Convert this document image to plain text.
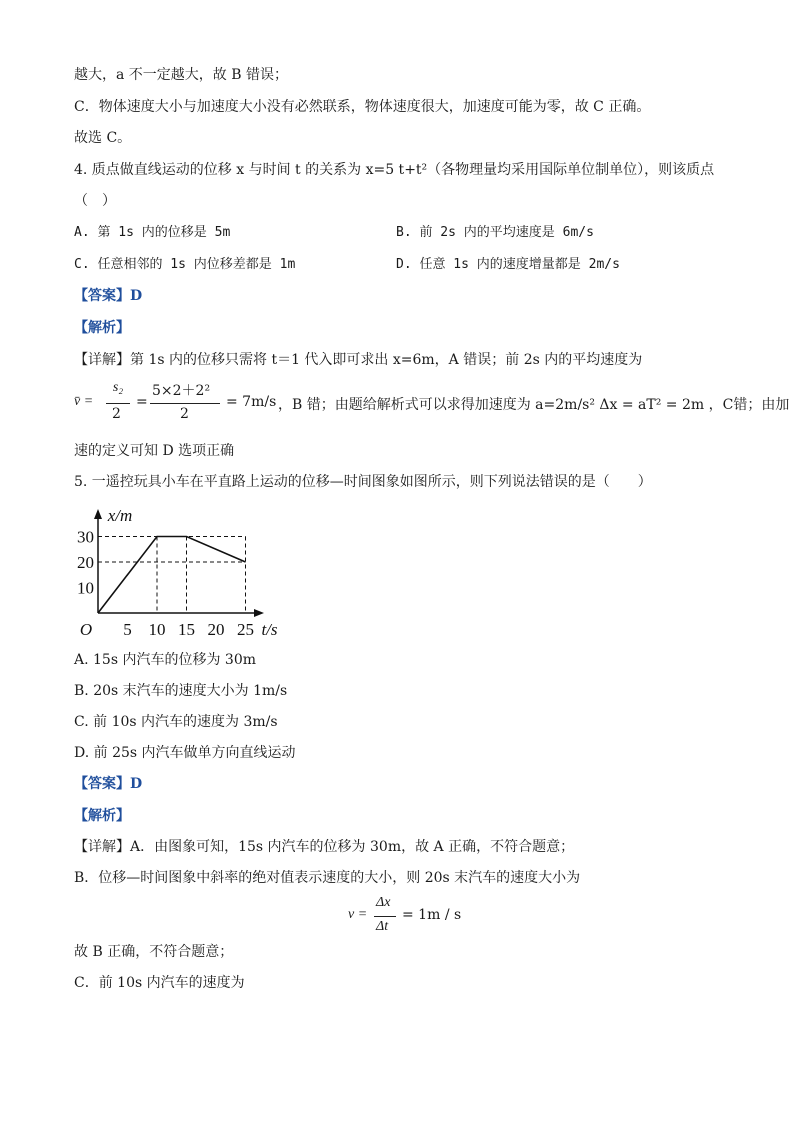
越大，a 不一定越大，故 B 错误；
C．物体速度大小与加速度大小没有必然联系，物体速度很大，加速度可能为零，故 C 正确。
故选 C。
4. 质点做直线运动的位移 x 与时间 t 的关系为 x=5 t+t²（各物理量均采用国际单位制单位），则该质点
（　）
A. 第 1s 内的位移是 5m	B. 前 2s 内的平均速度是 6m/s
C. 任意相邻的 1s 内位移差都是 1m	D. 任意 1s 内的速度增量都是 2m/s
【答案】D
【解析】
【详解】第 1s 内的位移只需将 t＝1 代入即可求出 x=6m，A 错误；前 2s 内的平均速度为
v̄ =
s₂
2
=
5×2＋2²
2
= 7m/s ，B 错；由题给解析式可以求得加速度为 a=2m/s² Δx = aT² = 2m ，C错；由加
速的定义可知 D 选项正确
5. 一遥控玩具小车在平直路上运动的位移—时间图象如图所示，则下列说法错误的是（　　）
5 10 15 20 25
10
20
30
O	t/s
x/m
A. 15s 内汽车的位移为 30m
B. 20s 末汽车的速度大小为 1m/s
C. 前 10s 内汽车的速度为 3m/s
D. 前 25s 内汽车做单方向直线运动
【答案】D
【解析】
【详解】A．由图象可知，15s 内汽车的位移为 30m，故 A 正确，不符合题意；
B．位移—时间图象中斜率的绝对值表示速度的大小，则 20s 末汽车的速度大小为
v =
Δx
Δt
= 1m / s
故 B 正确，不符合题意；
C．前 10s 内汽车的速度为
